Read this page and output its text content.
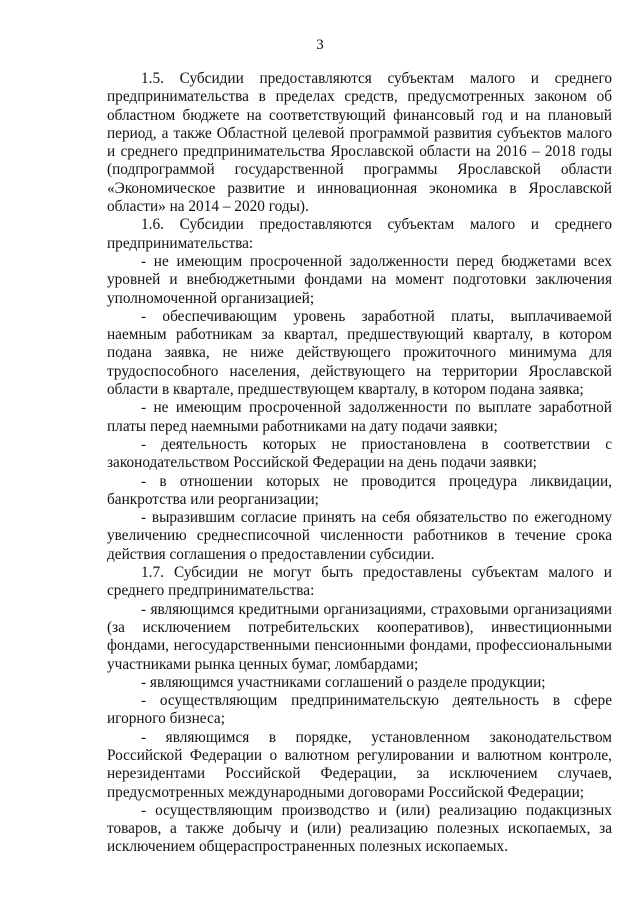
3

1.5. Субсидии предоставляются субъектам малого и среднего предпринимательства в пределах средств, предусмотренных законом об областном бюджете на соответствующий финансовый год и на плановый период, а также Областной целевой программой развития субъектов малого и среднего предпринимательства Ярославской области на 2016 – 2018 годы (подпрограммой государственной программы Ярославской области «Экономическое развитие и инновационная экономика в Ярославской области» на 2014 – 2020 годы).

1.6. Субсидии предоставляются субъектам малого и среднего предпринимательства:

- не имеющим просроченной задолженности перед бюджетами всех уровней и внебюджетными фондами на момент подготовки заключения уполномоченной организацией;

- обеспечивающим уровень заработной платы, выплачиваемой наемным работникам за квартал, предшествующий кварталу, в котором подана заявка, не ниже действующего прожиточного минимума для трудоспособного населения, действующего на территории Ярославской области в квартале, предшествующем кварталу, в котором подана заявка;

- не имеющим просроченной задолженности по выплате заработной платы перед наемными работниками на дату подачи заявки;

- деятельность которых не приостановлена в соответствии с законодательством Российской Федерации на день подачи заявки;

- в отношении которых не проводится процедура ликвидации, банкротства или реорганизации;

- выразившим согласие принять на себя обязательство по ежегодному увеличению среднесписочной численности работников в течение срока действия соглашения о предоставлении субсидии.

1.7. Субсидии не могут быть предоставлены субъектам малого и среднего предпринимательства:

- являющимся кредитными организациями, страховыми организациями (за исключением потребительских кооперативов), инвестиционными фондами, негосударственными пенсионными фондами, профессиональными участниками рынка ценных бумаг, ломбардами;

- являющимся участниками соглашений о разделе продукции;

- осуществляющим предпринимательскую деятельность в сфере игорного бизнеса;

- являющимся в порядке, установленном законодательством Российской Федерации о валютном регулировании и валютном контроле, нерезидентами Российской Федерации, за исключением случаев, предусмотренных международными договорами Российской Федерации;

- осуществляющим производство и (или) реализацию подакцизных товаров, а также добычу и (или) реализацию полезных ископаемых, за исключением общераспространенных полезных ископаемых.
